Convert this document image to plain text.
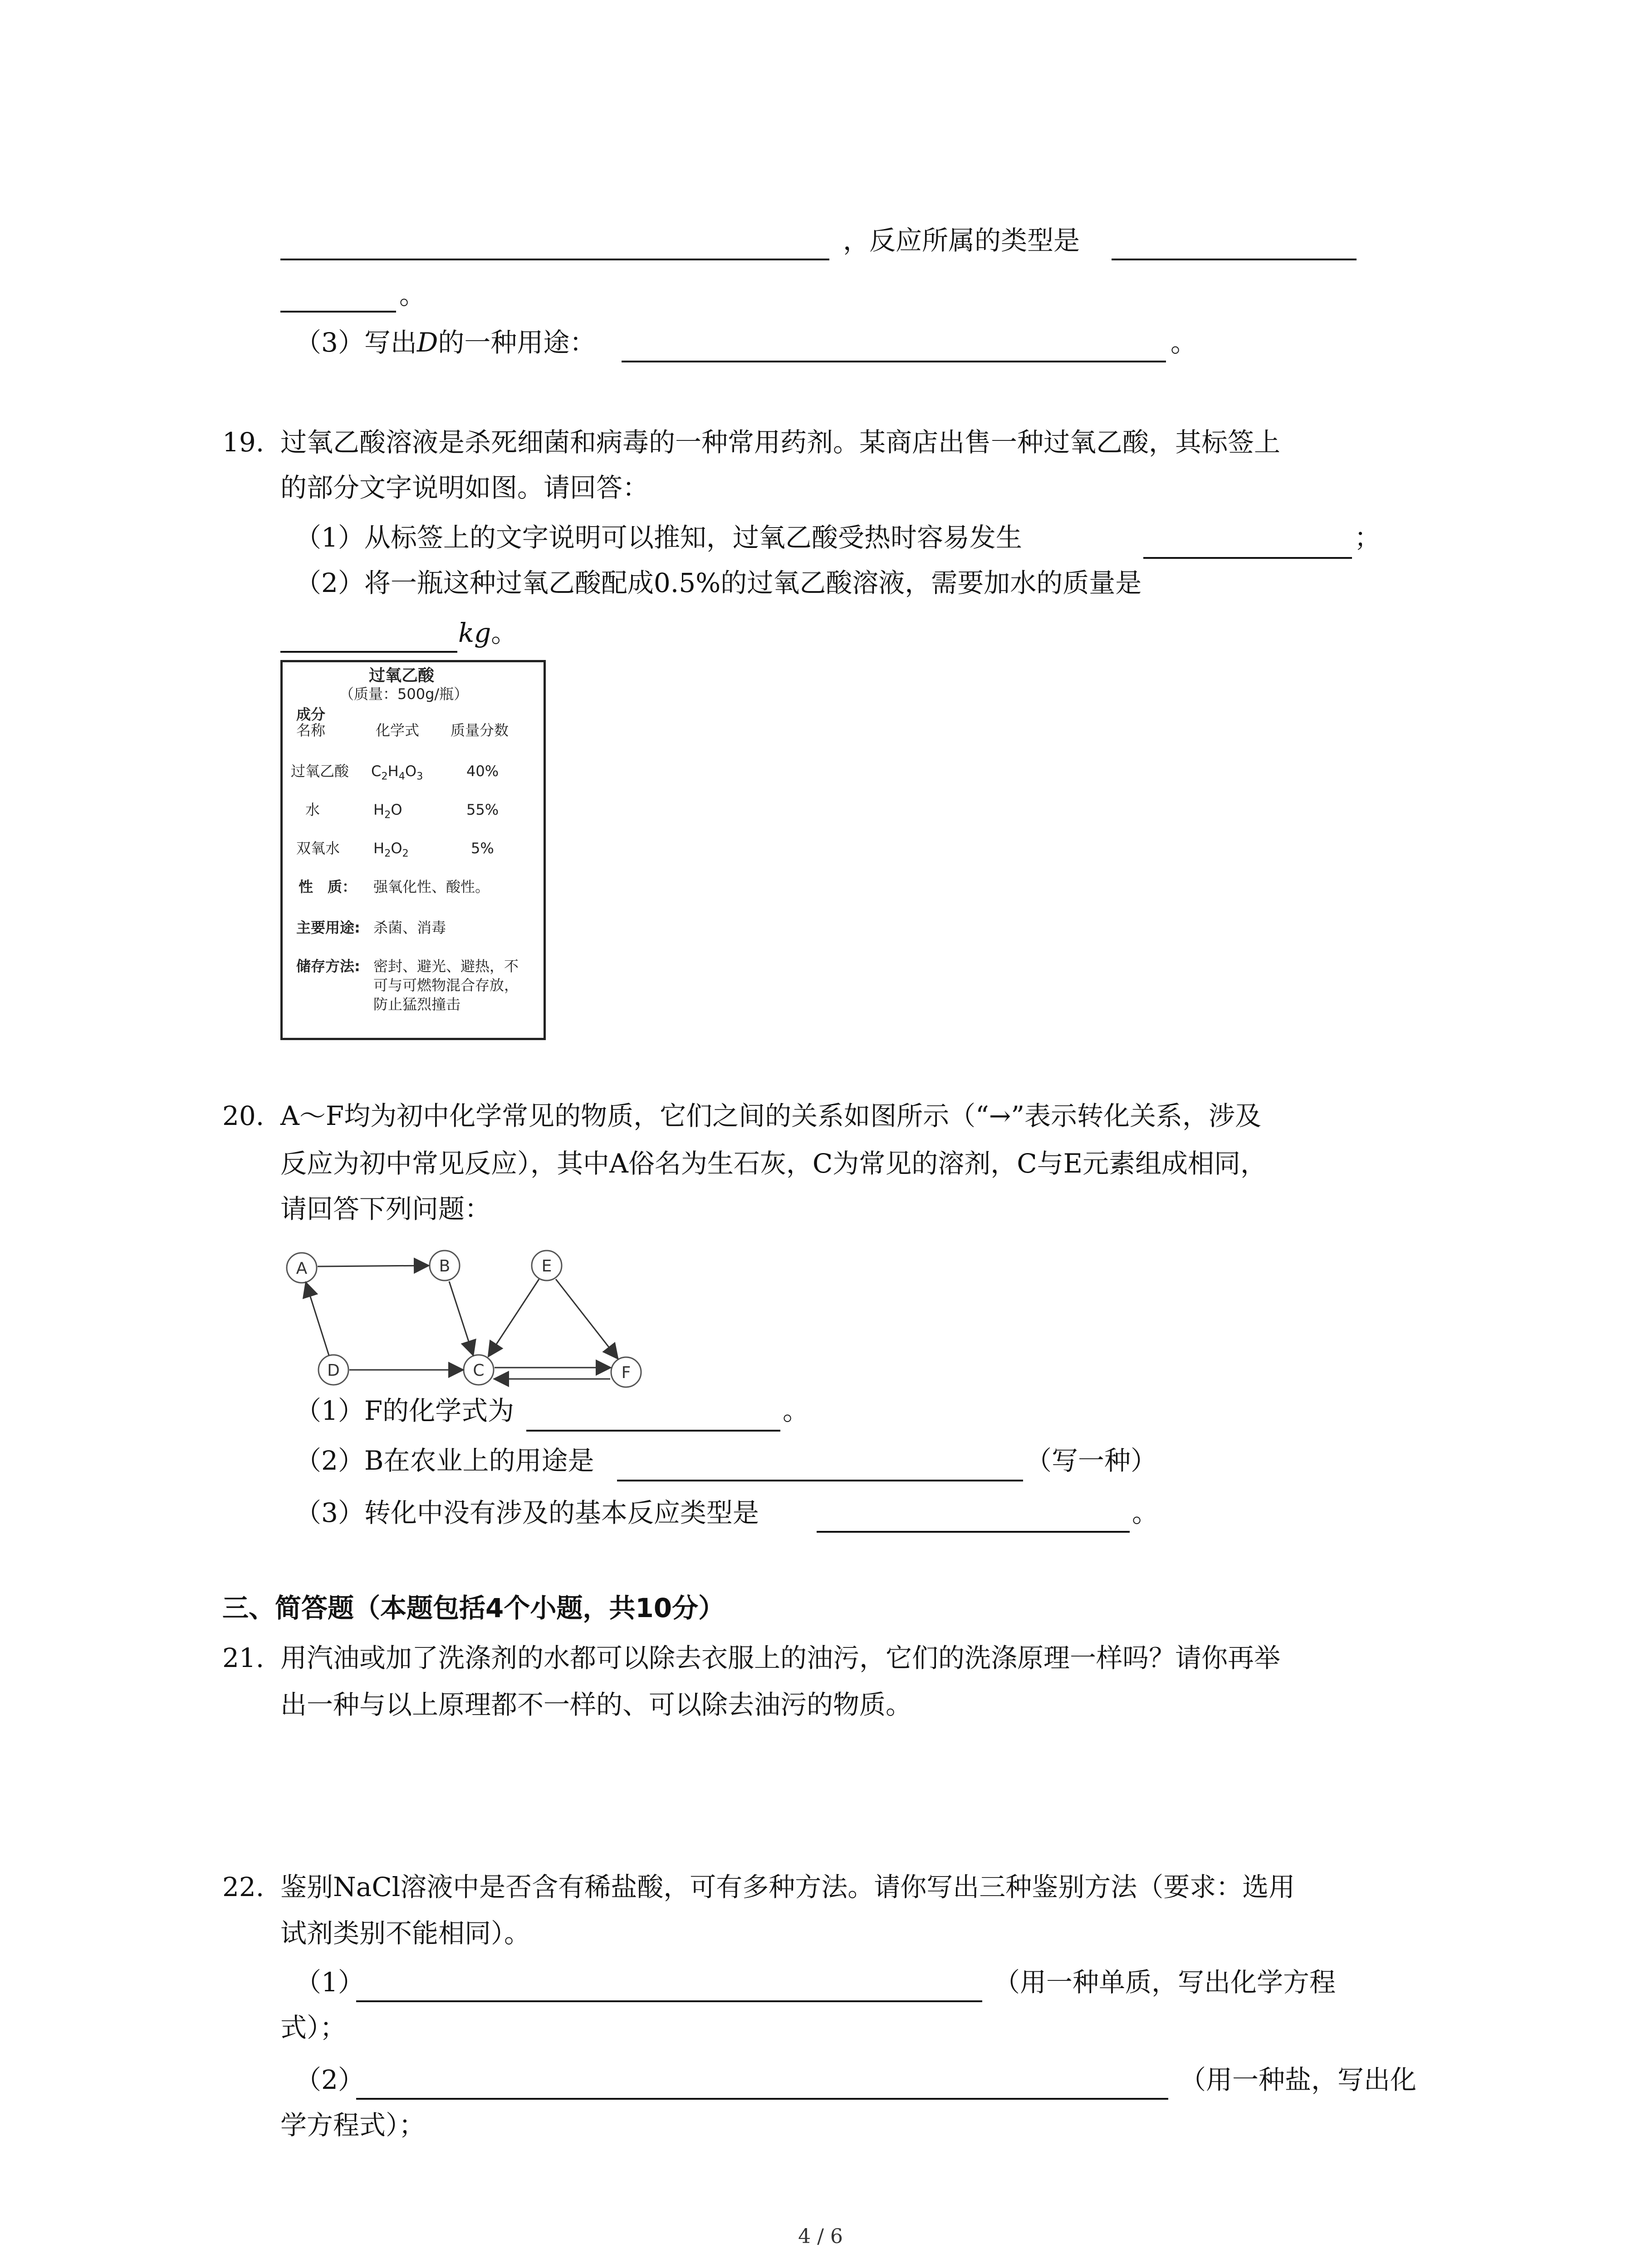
，反应所属的类型是
。
（3）写出D的一种用途：	。
19. 过氧乙酸溶液是杀死细菌和病毒的一种常用药剂。某商店出售一种过氧乙酸，其标签上
的部分文字说明如图。请回答：
（1）从标签上的文字说明可以推知，过氧乙酸受热时容易发生	；
（2）将一瓶这种过氧乙酸配成0.5%的过氧乙酸溶液，需要加水的质量是
kg。
过氧乙酸
（质量：500g/瓶）
成分
名称	化学式 质量分数
过氧乙酸 $C_2H_4O_3$	40%
水	$H_2O$	55%
双氧水 $H_2O_2$	5%
性　质： 强氧化性、酸性。
主要用途: 杀菌、消毒
储存方法: 密封、避光、避热，不
可与可燃物混合存放，
防止猛烈撞击
20. A～F均为初中化学常见的物质，它们之间的关系如图所示（“→”表示转化关系，涉及
反应为初中常见反应），其中A俗名为生石灰，C为常见的溶剂，C与E元素组成相同，
请回答下列问题：
A	B	E
D	C	F
（1）F的化学式为	。
（2）B在农业上的用途是	（写一种）
（3）转化中没有涉及的基本反应类型是	。
三、简答题（本题包括4个小题，共10分）
21. 用汽油或加了洗涤剂的水都可以除去衣服上的油污，它们的洗涤原理一样吗？请你再举
出一种与以上原理都不一样的、可以除去油污的物质。
22. 鉴别NaCl溶液中是否含有稀盐酸，可有多种方法。请你写出三种鉴别方法（要求：选用
试剂类别不能相同）。
（1）	（用一种单质，写出化学方程
式）；
（2）	（用一种盐，写出化
学方程式）；
4 / 6
